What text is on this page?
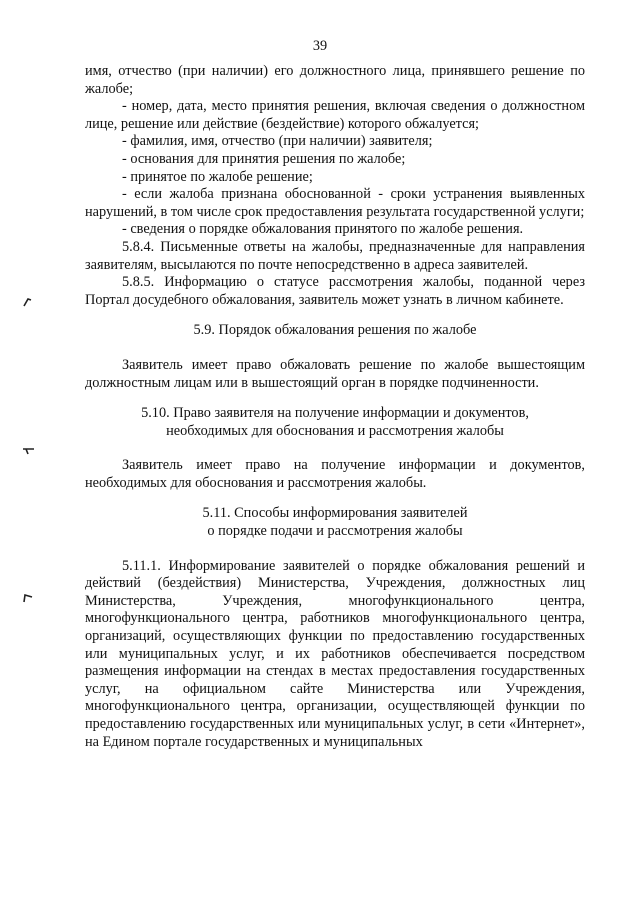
39

имя, отчество (при наличии) его должностного лица, принявшего решение по жалобе;

- номер, дата, место принятия решения, включая сведения о должностном лице, решение или действие (бездействие) которого обжалуется;

- фамилия, имя, отчество (при наличии) заявителя;

- основания для принятия решения по жалобе;

- принятое по жалобе решение;

- если жалоба признана обоснованной - сроки устранения выявленных нарушений, в том числе срок предоставления результата государственной услуги;

- сведения о порядке обжалования принятого по жалобе решения.

5.8.4. Письменные ответы на жалобы, предназначенные для направления заявителям, высылаются по почте непосредственно в адреса заявителей.

5.8.5. Информацию о статусе рассмотрения жалобы, поданной через Портал досудебного обжалования, заявитель может узнать в личном кабинете.

5.9. Порядок обжалования решения по жалобе

Заявитель имеет право обжаловать решение по жалобе вышестоящим должностным лицам или в вышестоящий орган в порядке подчиненности.

5.10. Право заявителя на получение информации и документов,

необходимых для обоснования и рассмотрения жалобы

Заявитель имеет право на получение информации и документов, необходимых для обоснования и рассмотрения жалобы.

5.11. Способы информирования заявителей

о порядке подачи и рассмотрения жалобы

5.11.1. Информирование заявителей о порядке обжалования решений и действий (бездействия) Министерства, Учреждения, должностных лиц Министерства, Учреждения, многофункционального центра, многофункционального центра, работников многофункционального центра, организаций, осуществляющих функции по предоставлению государственных или муниципальных услуг, и их работников обеспечивается посредством размещения информации на стендах в местах предоставления государственных услуг, на официальном сайте Министерства или Учреждения, многофункционального центра, организации, осуществляющей функции по предоставлению государственных или муниципальных услуг, в сети «Интернет», на Едином портале государственных и муниципальных
